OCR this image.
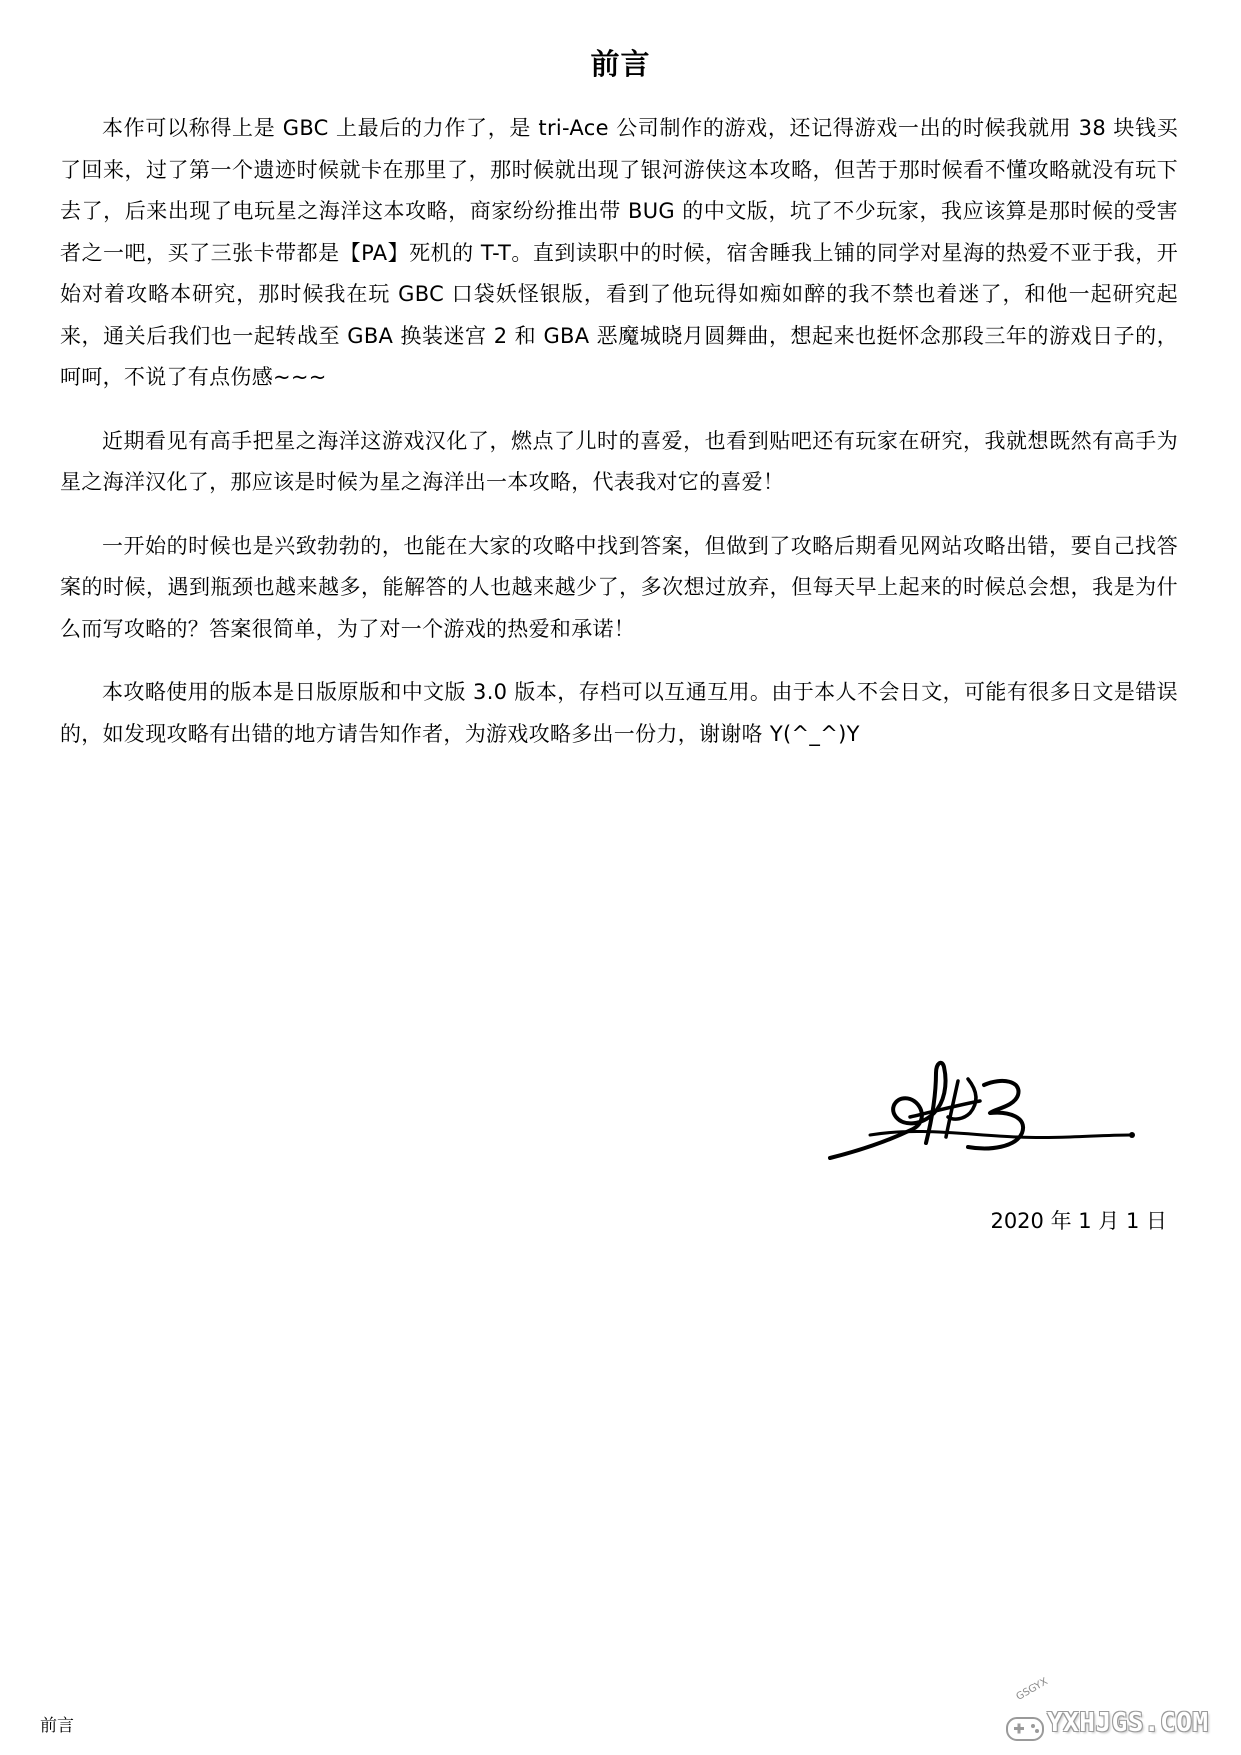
前言

本作可以称得上是 GBC 上最后的力作了，是 tri-Ace 公司制作的游戏，还记得游戏一出的时候我就用 38 块钱买了回来，过了第一个遗迹时候就卡在那里了，那时候就出现了银河游侠这本攻略，但苦于那时候看不懂攻略就没有玩下去了，后来出现了电玩星之海洋这本攻略，商家纷纷推出带 BUG 的中文版，坑了不少玩家，我应该算是那时候的受害者之一吧，买了三张卡带都是【PA】死机的 T-T。直到读职中的时候，宿舍睡我上铺的同学对星海的热爱不亚于我，开始对着攻略本研究，那时候我在玩 GBC 口袋妖怪银版，看到了他玩得如痴如醉的我不禁也着迷了，和他一起研究起来，通关后我们也一起转战至 GBA 换装迷宫 2 和 GBA 恶魔城晓月圆舞曲，想起来也挺怀念那段三年的游戏日子的，呵呵，不说了有点伤感~~~

近期看见有高手把星之海洋这游戏汉化了，燃点了儿时的喜爱，也看到贴吧还有玩家在研究，我就想既然有高手为星之海洋汉化了，那应该是时候为星之海洋出一本攻略，代表我对它的喜爱！

一开始的时候也是兴致勃勃的，也能在大家的攻略中找到答案，但做到了攻略后期看见网站攻略出错，要自己找答案的时候，遇到瓶颈也越来越多，能解答的人也越来越少了，多次想过放弃，但每天早上起来的时候总会想，我是为什么而写攻略的？答案很简单，为了对一个游戏的热爱和承诺！

本攻略使用的版本是日版原版和中文版 3.0 版本，存档可以互通互用。由于本人不会日文，可能有很多日文是错误的，如发现攻略有出错的地方请告知作者，为游戏攻略多出一份力，谢谢咯 Y(^_^)Y

2020 年 1 月 1 日
前言
GSGYX
YXHJGS.COM
